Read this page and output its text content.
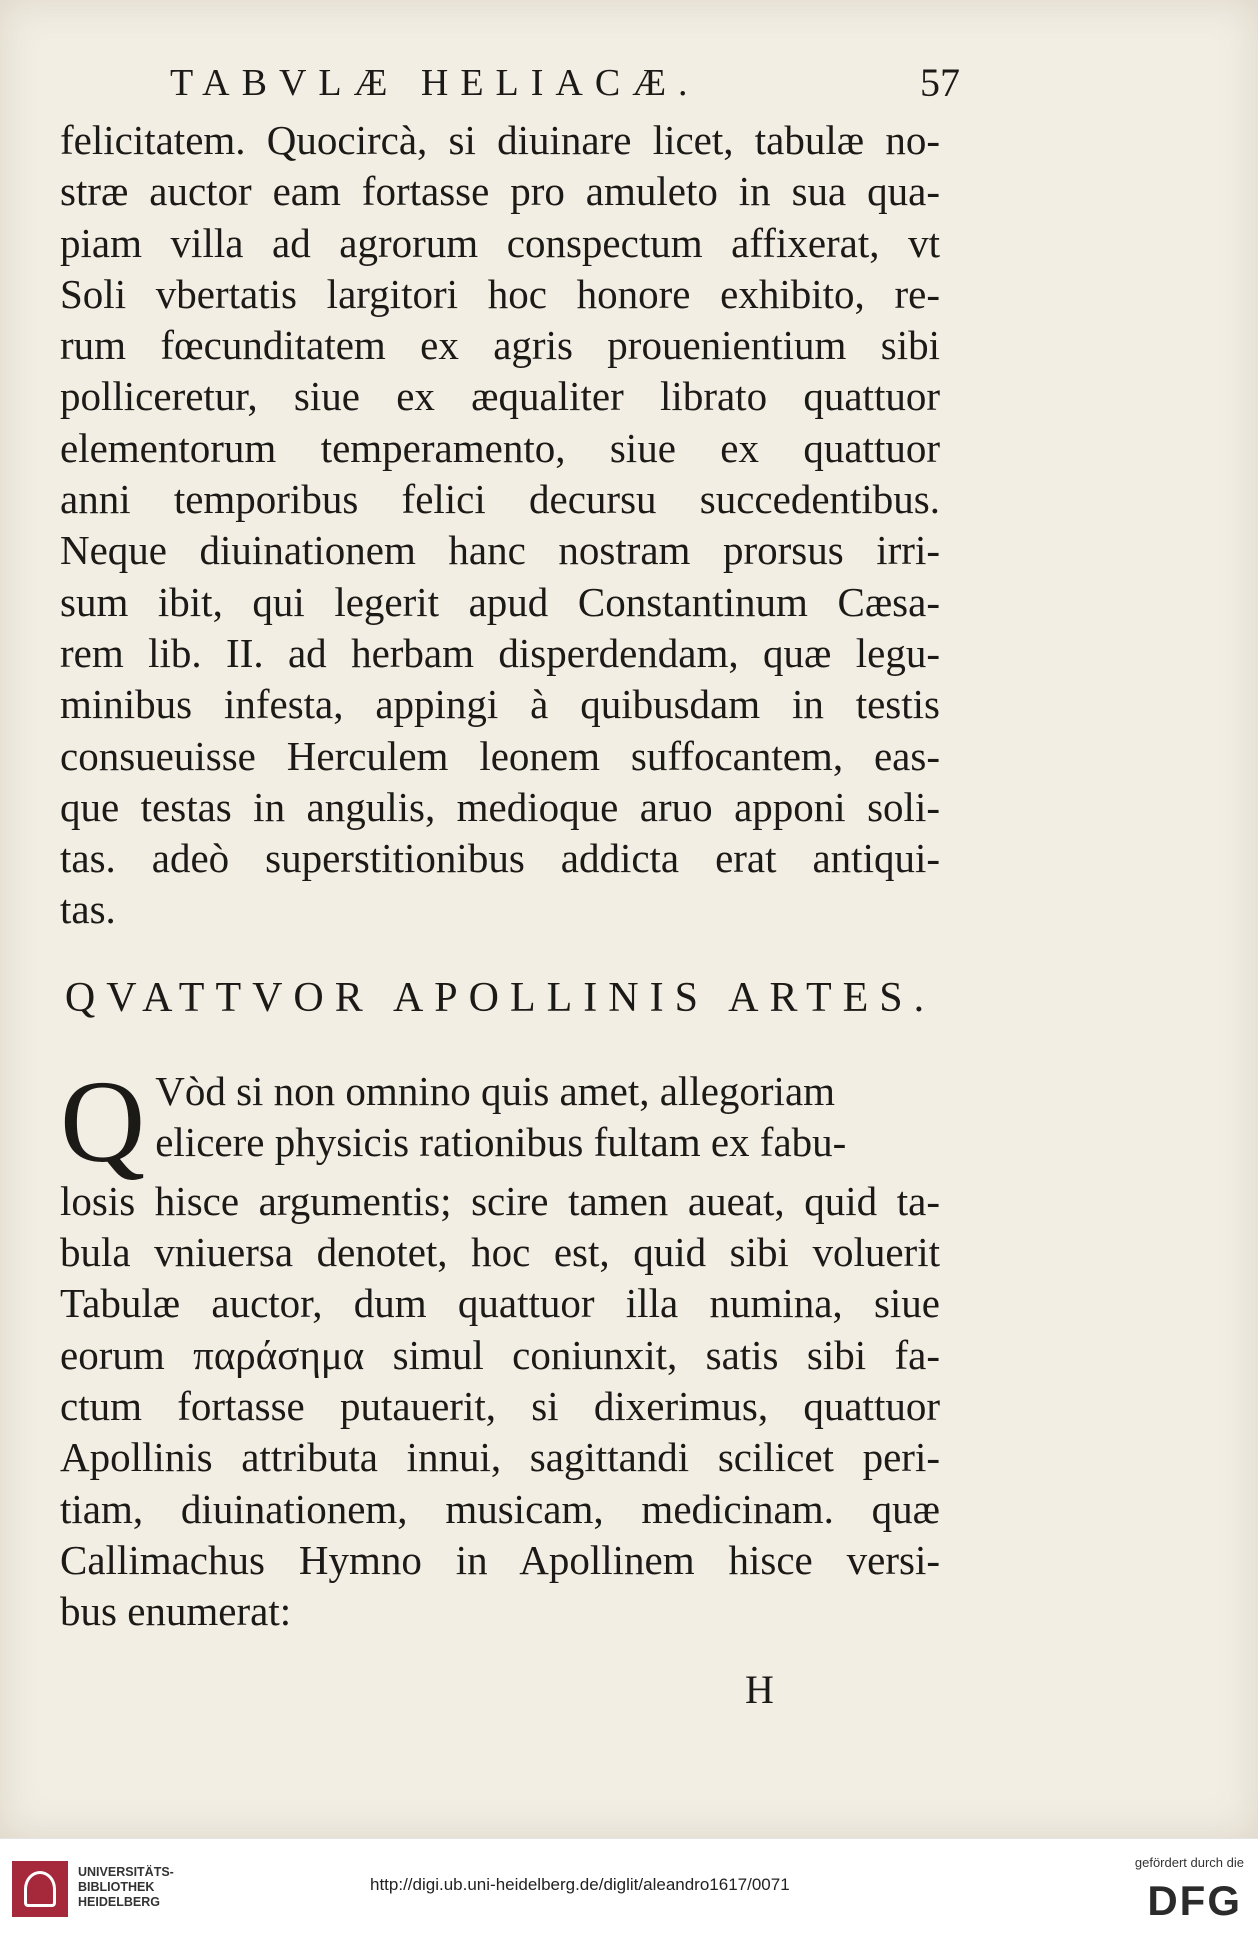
TABVLÆ HELIACÆ.	57
felicitatem. Quocircà, si diuinare licet, tabulæ no-
stræ auctor eam fortasse pro amuleto in sua qua-
piam villa ad agrorum conspectum affixerat, vt
Soli vbertatis largitori hoc honore exhibito, re-
rum fœcunditatem ex agris prouenientium sibi
polliceretur, siue ex æqualiter librato quattuor
elementorum temperamento, siue ex quattuor
anni temporibus felici decursu succedentibus.
Neque diuinationem hanc nostram prorsus irri-
sum ibit, qui legerit apud Constantinum Cæsa-
rem lib. II. ad herbam disperdendam, quæ legu-
minibus infesta, appingi à quibusdam in testis
consueuisse Herculem leonem suffocantem, eas-
que testas in angulis, medioque aruo apponi soli-
tas. adeò superstitionibus addicta erat antiqui-
tas.
QVATTVOR APOLLINIS ARTES.
Q Vòd si non omnino quis amet, allegoriam
elicere physicis rationibus fultam ex fabu-
losis hisce argumentis; scire tamen aueat, quid ta-
bula vniuersa denotet, hoc est, quid sibi voluerit
Tabulæ auctor, dum quattuor illa numina, siue
eorum παράσημα simul coniunxit, satis sibi fa-
ctum fortasse putauerit, si dixerimus, quattuor
Apollinis attributa innui, sagittandi scilicet peri-
tiam, diuinationem, musicam, medicinam. quæ
Callimachus Hymno in Apollinem hisce versi-
bus enumerat:
H
UNIVERSITÄTS-
BIBLIOTHEK
HEIDELBERG
http://digi.ub.uni-heidelberg.de/diglit/aleandro1617/0071
gefördert durch die
DFG
